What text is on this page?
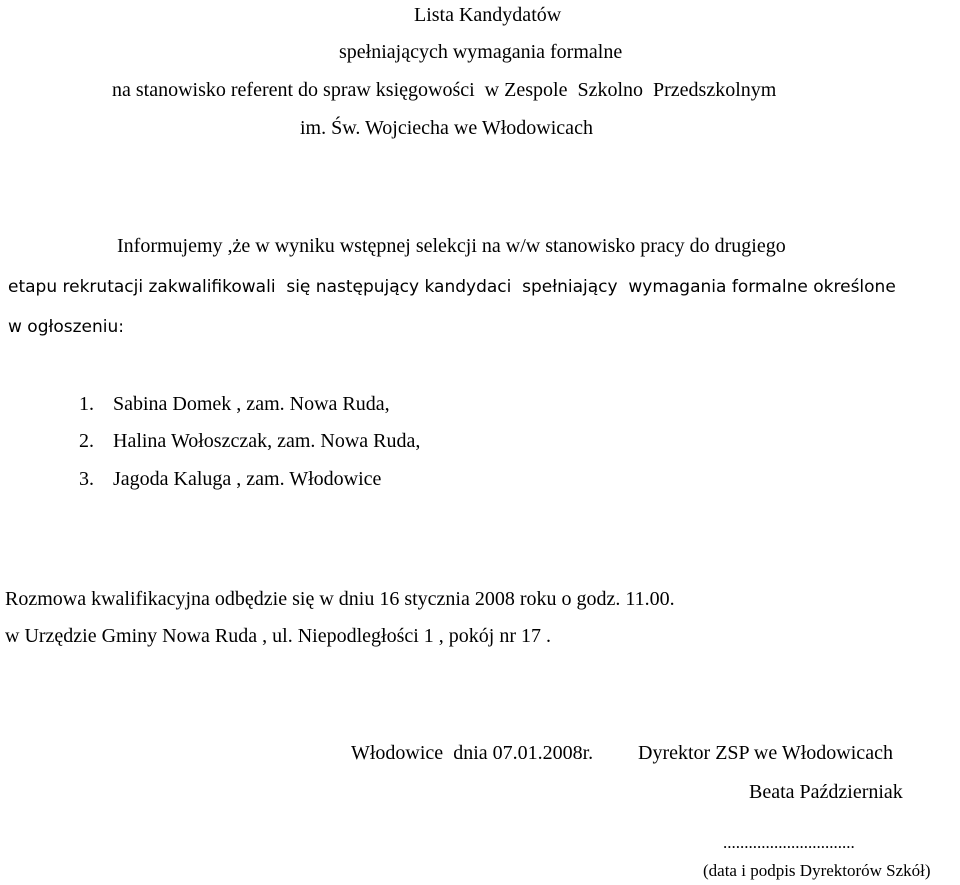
Lista Kandydatów
spełniających wymagania formalne
na stanowisko referent do spraw księgowości  w Zespole  Szkolno  Przedszkolnym
im. Św. Wojciecha we Włodowicach
Informujemy ,że w wyniku wstępnej selekcji na w/w stanowisko pracy do drugiego
etapu rekrutacji zakwalifikowali  się następujący kandydaci  spełniający  wymagania formalne określone
w ogłoszeniu:
1. Sabina Domek , zam. Nowa Ruda,
2. Halina Wołoszczak, zam. Nowa Ruda,
3. Jagoda Kaluga , zam. Włodowice
Rozmowa kwalifikacyjna odbędzie się w dniu 16 stycznia 2008 roku o godz. 11.00.
w Urzędzie Gminy Nowa Ruda , ul. Niepodległości 1 , pokój nr 17 .
Włodowice  dnia 07.01.2008r. Dyrektor ZSP we Włodowicach
Beata Październiak
...............................
(data i podpis Dyrektorów Szkół)
